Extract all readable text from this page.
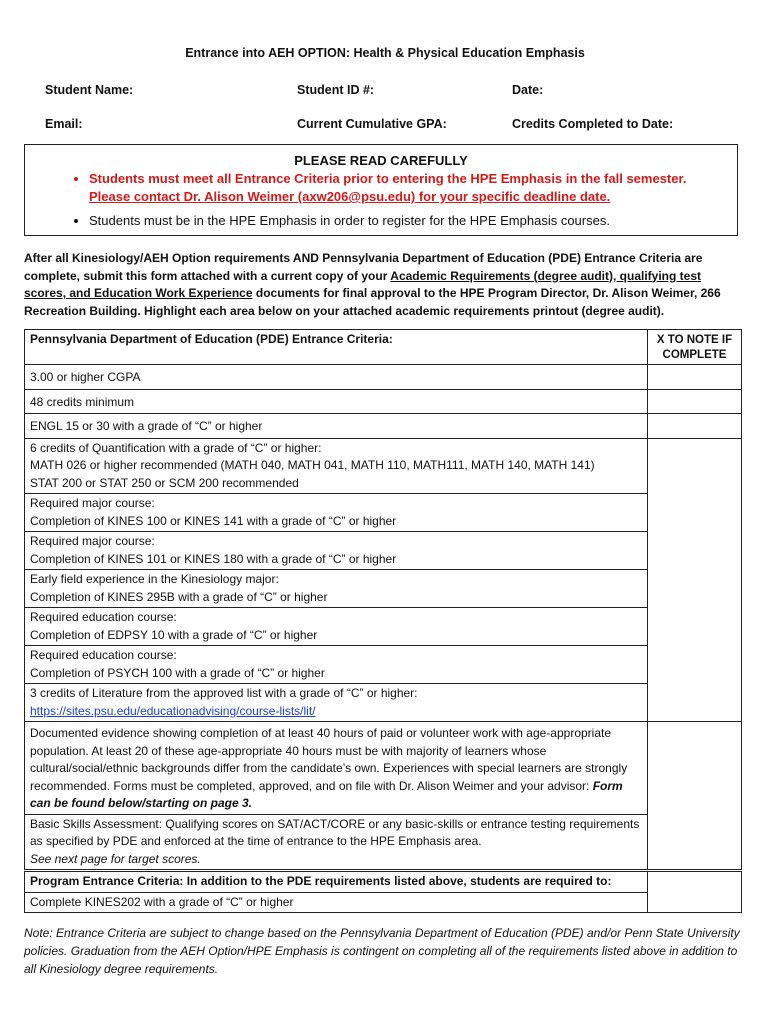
Entrance into AEH OPTION: Health & Physical Education Emphasis
Student Name:	Student ID #:	Date:
Email:	Current Cumulative GPA:	Credits Completed to Date:
PLEASE READ CAREFULLY
• Students must meet all Entrance Criteria prior to entering the HPE Emphasis in the fall semester.
Please contact Dr. Alison Weimer (axw206@psu.edu) for your specific deadline date.
• Students must be in the HPE Emphasis in order to register for the HPE Emphasis courses.
After all Kinesiology/AEH Option requirements AND Pennsylvania Department of Education (PDE) Entrance Criteria are complete, submit this form attached with a current copy of your Academic Requirements (degree audit), qualifying test scores, and Education Work Experience documents for final approval to the HPE Program Director, Dr. Alison Weimer, 266 Recreation Building. Highlight each area below on your attached academic requirements printout (degree audit).
Pennsylvania Department of Education (PDE) Entrance Criteria:	X TO NOTE IF
COMPLETE
3.00 or higher CGPA	
48 credits minimum	
ENGL 15 or 30 with a grade of “C” or higher	

6 credits of Quantification with a grade of “C” or higher:
MATH 026 or higher recommended (MATH 040, MATH 041, MATH 110, MATH111, MATH 140, MATH 141)
STAT 200 or STAT 250 or SCM 200 recommended	

Required major course:
Completion of KINES 100 or KINES 141 with a grade of “C” or higher	

Required major course:
Completion of KINES 101 or KINES 180 with a grade of “C” or higher	

Early field experience in the Kinesiology major:
Completion of KINES 295B with a grade of “C” or higher	

Required education course:
Completion of EDPSY 10 with a grade of “C” or higher	

Required education course:
Completion of PSYCH 100 with a grade of “C” or higher	

3 credits of Literature from the approved list with a grade of “C” or higher:
https://sites.psu.edu/educationadvising/course-lists/lit/	

Documented evidence showing completion of at least 40 hours of paid or volunteer work with age-appropriate population. At least 20 of these age-appropriate 40 hours must be with majority of learners whose cultural/social/ethnic backgrounds differ from the candidate’s own. Experiences with special learners are strongly recommended. Forms must be completed, approved, and on file with Dr. Alison Weimer and your advisor: Form can be found below/starting on page 3.	

Basic Skills Assessment: Qualifying scores on SAT/ACT/CORE or any basic-skills or entrance testing requirements as specified by PDE and enforced at the time of entrance to the HPE Emphasis area.
See next page for target scores.	
Program Entrance Criteria: In addition to the PDE requirements listed above, students are required to:	
Complete KINES202 with a grade of “C” or higher
Note: Entrance Criteria are subject to change based on the Pennsylvania Department of Education (PDE) and/or Penn State University policies. Graduation from the AEH Option/HPE Emphasis is contingent on completing all of the requirements listed above in addition to all Kinesiology degree requirements.
